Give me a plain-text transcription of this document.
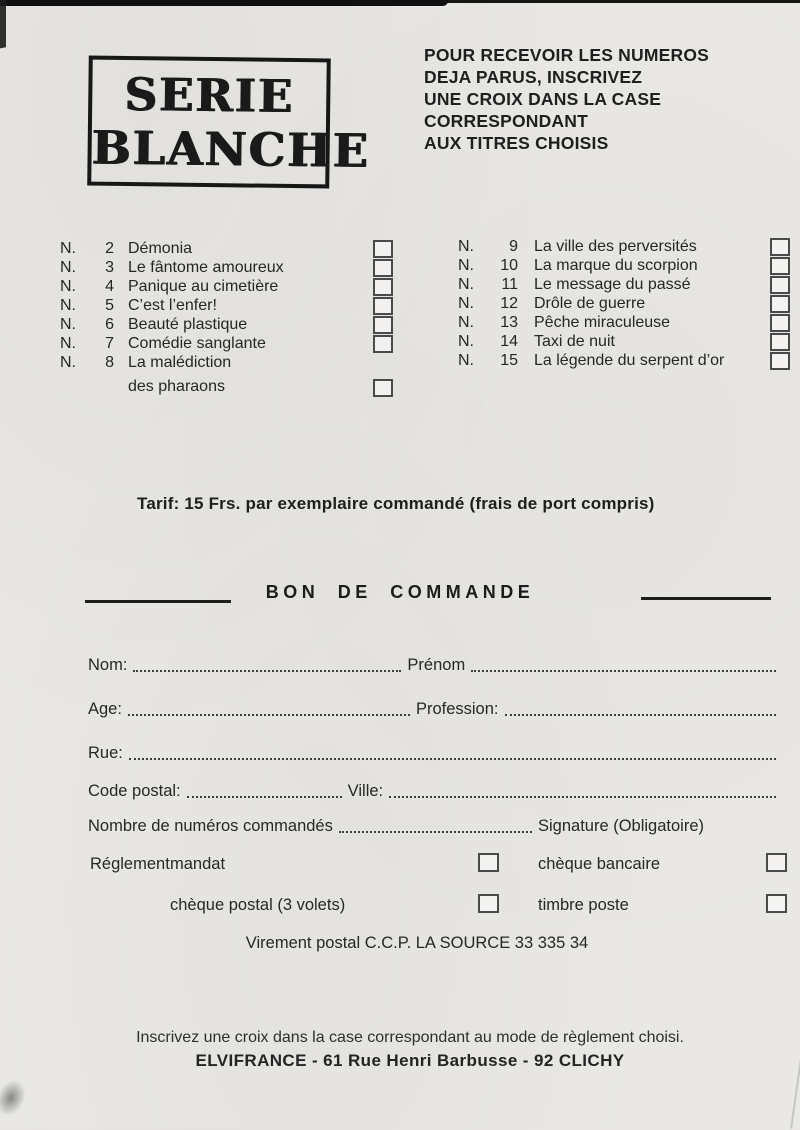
SERIE
BLANCHE
POUR RECEVOIR LES NUMEROS
DEJA PARUS, INSCRIVEZ
UNE CROIX DANS LA CASE
CORRESPONDANT
AUX TITRES CHOISIS
N. 2 Démonia
N. 3 Le fântome amoureux
N. 4 Panique au cimetière
N. 5 C’est l’enfer!
N. 6 Beauté plastique
N. 7 Comédie sanglante
N. 8 La malédiction
des pharaons
N. 9 La ville des perversités
N. 10 La marque du scorpion
N. 11 Le message du passé
N. 12 Drôle de guerre
N. 13 Pêche miraculeuse
N. 14 Taxi de nuit
N. 15 La légende du serpent d’or
Tarif: 15 Frs. par exemplaire commandé (frais de port compris)
BON DE COMMANDE
Nom:	Prénom
Age:	Profession:
Rue:
Code postal:	Ville:
Nombre de numéros commandés	Signature (Obligatoire)
Réglement mandat	chèque bancaire
chèque postal (3 volets)	timbre poste
Virement postal C.C.P. LA SOURCE 33 335 34
Inscrivez une croix dans la case correspondant au mode de règlement choisi.
ELVIFRANCE - 61 Rue Henri Barbusse - 92 CLICHY
